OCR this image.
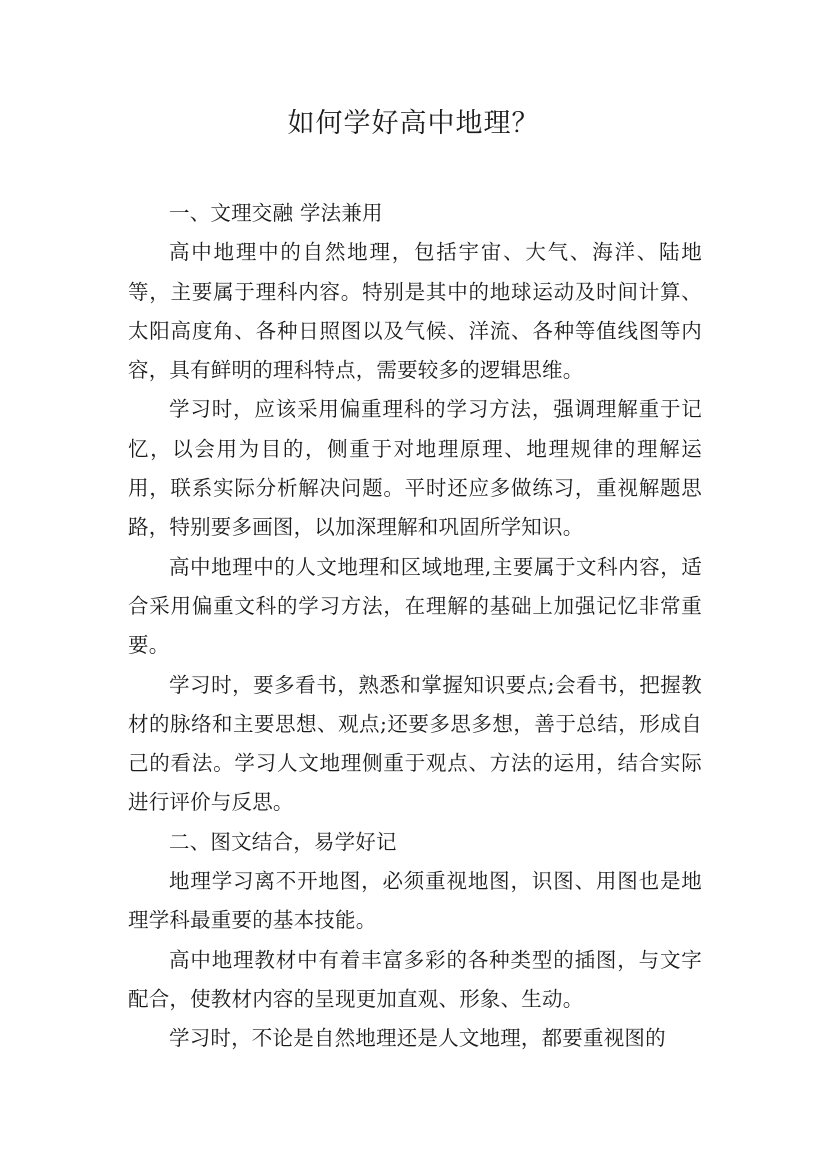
如何学好高中地理？

一、文理交融 学法兼用

高中地理中的自然地理，包括宇宙、大气、海洋、陆地等，主要属于理科内容。特别是其中的地球运动及时间计算、太阳高度角、各种日照图以及气候、洋流、各种等值线图等内容，具有鲜明的理科特点，需要较多的逻辑思维。

学习时，应该采用偏重理科的学习方法，强调理解重于记忆，以会用为目的，侧重于对地理原理、地理规律的理解运用，联系实际分析解决问题。平时还应多做练习，重视解题思路，特别要多画图，以加深理解和巩固所学知识。

高中地理中的人文地理和区域地理,主要属于文科内容，适合采用偏重文科的学习方法，在理解的基础上加强记忆非常重要。

学习时，要多看书，熟悉和掌握知识要点;会看书，把握教材的脉络和主要思想、观点;还要多思多想，善于总结，形成自己的看法。学习人文地理侧重于观点、方法的运用，结合实际进行评价与反思。

二、图文结合，易学好记

地理学习离不开地图，必须重视地图，识图、用图也是地理学科最重要的基本技能。

高中地理教材中有着丰富多彩的各种类型的插图，与文字配合，使教材内容的呈现更加直观、形象、生动。

学习时，不论是自然地理还是人文地理，都要重视图的
